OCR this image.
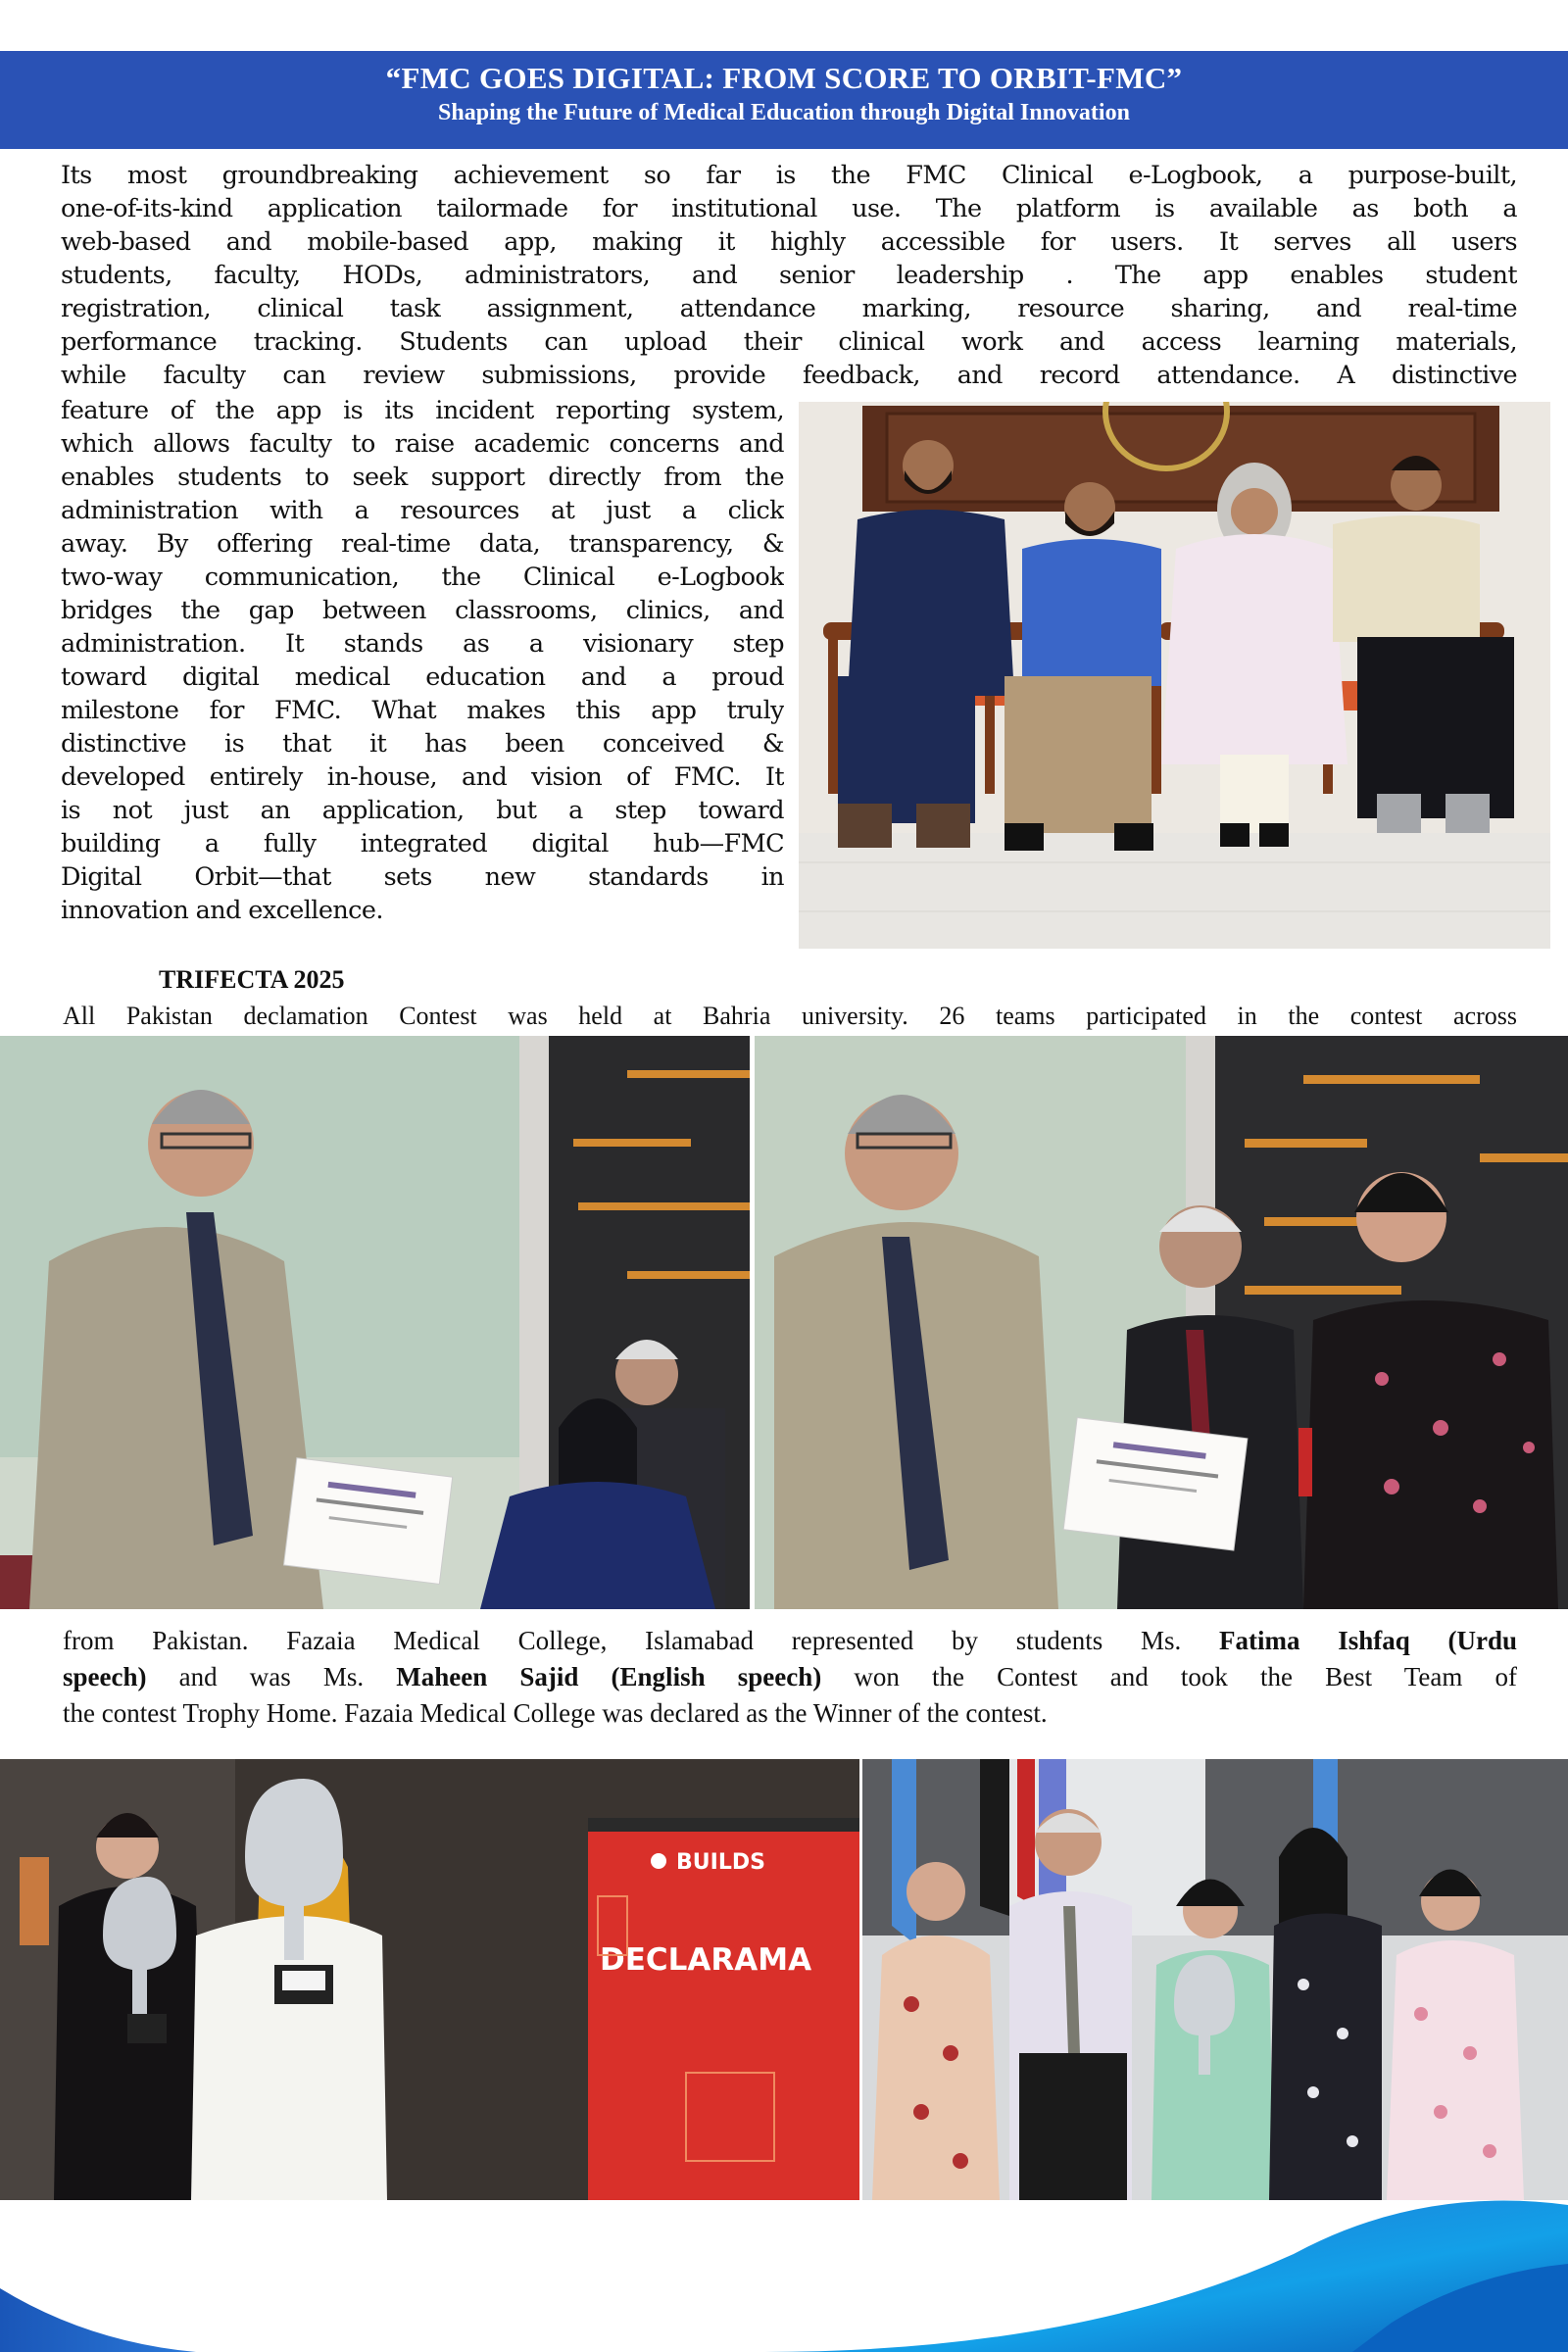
“FMC GOES DIGITAL: FROM SCORE TO ORBIT-FMC”
Shaping the Future of Medical Education through Digital Innovation
Its most groundbreaking achievement so far is the FMC Clinical e-Logbook, a purpose-built,
one-of-its-kind application tailormade for institutional use. The platform is available as both a
web-based and mobile-based app, making it highly accessible for users. It serves all users
students, faculty, HODs, administrators, and senior leadership . The app enables student
registration, clinical task assignment, attendance marking, resource sharing, and real-time
performance tracking. Students can upload their clinical work and access learning materials,
while faculty can review submissions, provide feedback, and record attendance. A distinctive
feature of the app is its incident reporting system,
which allows faculty to raise academic concerns and
enables students to seek support directly from the
administration with a resources at just a click
away. By offering real-time data, transparency, &
two-way communication, the Clinical e-Logbook
bridges the gap between classrooms, clinics, and
administration. It stands as a visionary step
toward digital medical education and a proud
milestone for FMC. What makes this app truly
distinctive is that it has been conceived &
developed entirely in-house, and vision of FMC. It
is not just an application, but a step toward
building a fully integrated digital hub—FMC
Digital Orbit—that sets new standards in
innovation and excellence.
TRIFECTA 2025
All Pakistan declamation Contest was held at Bahria university. 26 teams participated in the contest across
from Pakistan. Fazaia Medical College, Islamabad represented by students Ms. Fatima Ishfaq (Urdu
speech) and was Ms. Maheen Sajid (English speech) won the Contest and took the Best Team of
the contest Trophy Home. Fazaia Medical College was declared as the Winner of the contest.
BUILDS
DECLARAMA
